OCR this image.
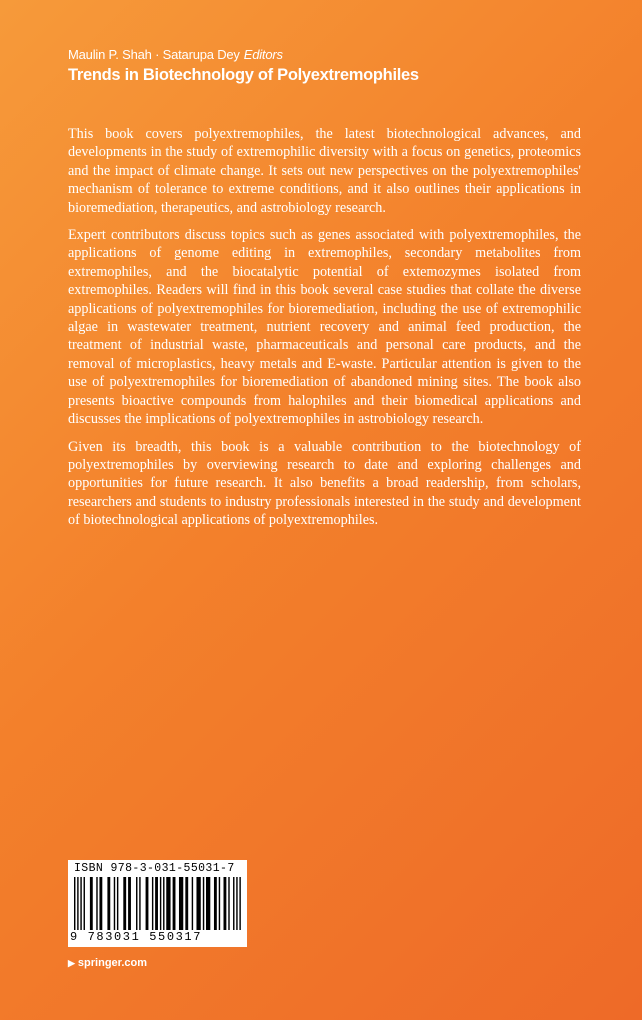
Maulin P. Shah · Satarupa Dey Editors
Trends in Biotechnology of Polyextremophiles

This book covers polyextremophiles, the latest biotechnological advances, and developments in the study of extremophilic diversity with a focus on genetics, proteomics and the impact of climate change. It sets out new perspectives on the polyextremophiles' mechanism of tolerance to extreme conditions, and it also outlines their applications in bioremediation, therapeutics, and astrobiology research.

Expert contributors discuss topics such as genes associated with polyextremophiles, the applications of genome editing in extremophiles, secondary metabolites from extremophiles, and the biocatalytic potential of extemozymes isolated from extremophiles. Readers will find in this book several case studies that collate the diverse applications of polyextremophiles for bioremediation, including the use of extremophilic algae in wastewater treatment, nutrient recovery and animal feed production, the treatment of industrial waste, pharmaceuticals and personal care products, and the removal of microplastics, heavy metals and E-waste. Particular attention is given to the use of polyextremophiles for bioremediation of abandoned mining sites. The book also presents bioactive compounds from halophiles and their biomedical applications and discusses the implications of polyextremophiles in astrobiology research.

Given its breadth, this book is a valuable contribution to the biotechnology of polyextremophiles by overviewing research to date and exploring challenges and opportunities for future research. It also benefits a broad readership, from scholars, researchers and students to industry professionals interested in the study and development of biotechnological applications of polyextremophiles.

ISBN 978-3-031-55031-7
9 783031 550317
▶ springer.com
